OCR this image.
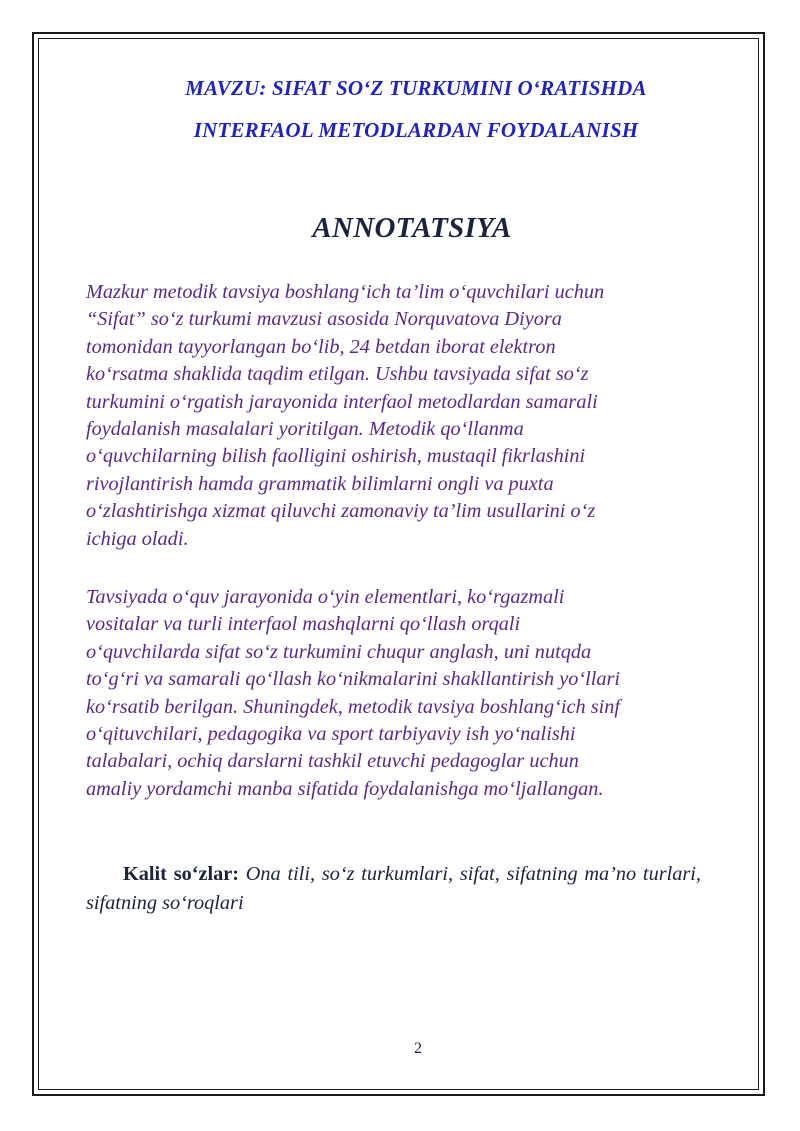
MAVZU: SIFAT SO‘Z TURKUMINI O‘RATISHDA
INTERFAOL METODLARDAN FOYDALANISH
ANNOTATSIYA

Mazkur metodik tavsiya boshlang‘ich ta’lim o‘quvchilari uchun
“Sifat” so‘z turkumi mavzusi asosida Norquvatova Diyora
tomonidan tayyorlangan bo‘lib, 24 betdan iborat elektron
ko‘rsatma shaklida taqdim etilgan. Ushbu tavsiyada sifat so‘z
turkumini o‘rgatish jarayonida interfaol metodlardan samarali
foydalanish masalalari yoritilgan. Metodik qo‘llanma
o‘quvchilarning bilish faolligini oshirish, mustaqil fikrlashini
rivojlantirish hamda grammatik bilimlarni ongli va puxta
o‘zlashtirishga xizmat qiluvchi zamonaviy ta’lim usullarini o‘z
ichiga oladi.

Tavsiyada o‘quv jarayonida o‘yin elementlari, ko‘rgazmali
vositalar va turli interfaol mashqlarni qo‘llash orqali
o‘quvchilarda sifat so‘z turkumini chuqur anglash, uni nutqda
to‘g‘ri va samarali qo‘llash ko‘nikmalarini shakllantirish yo‘llari
ko‘rsatib berilgan. Shuningdek, metodik tavsiya boshlang‘ich sinf
o‘qituvchilari, pedagogika va sport tarbiyaviy ish yo‘nalishi
talabalari, ochiq darslarni tashkil etuvchi pedagoglar uchun
amaliy yordamchi manba sifatida foydalanishga mo‘ljallangan.

Kalit so‘zlar: Ona tili, so‘z turkumlari, sifat, sifatning ma’no turlari, sifatning so‘roqlari

2
